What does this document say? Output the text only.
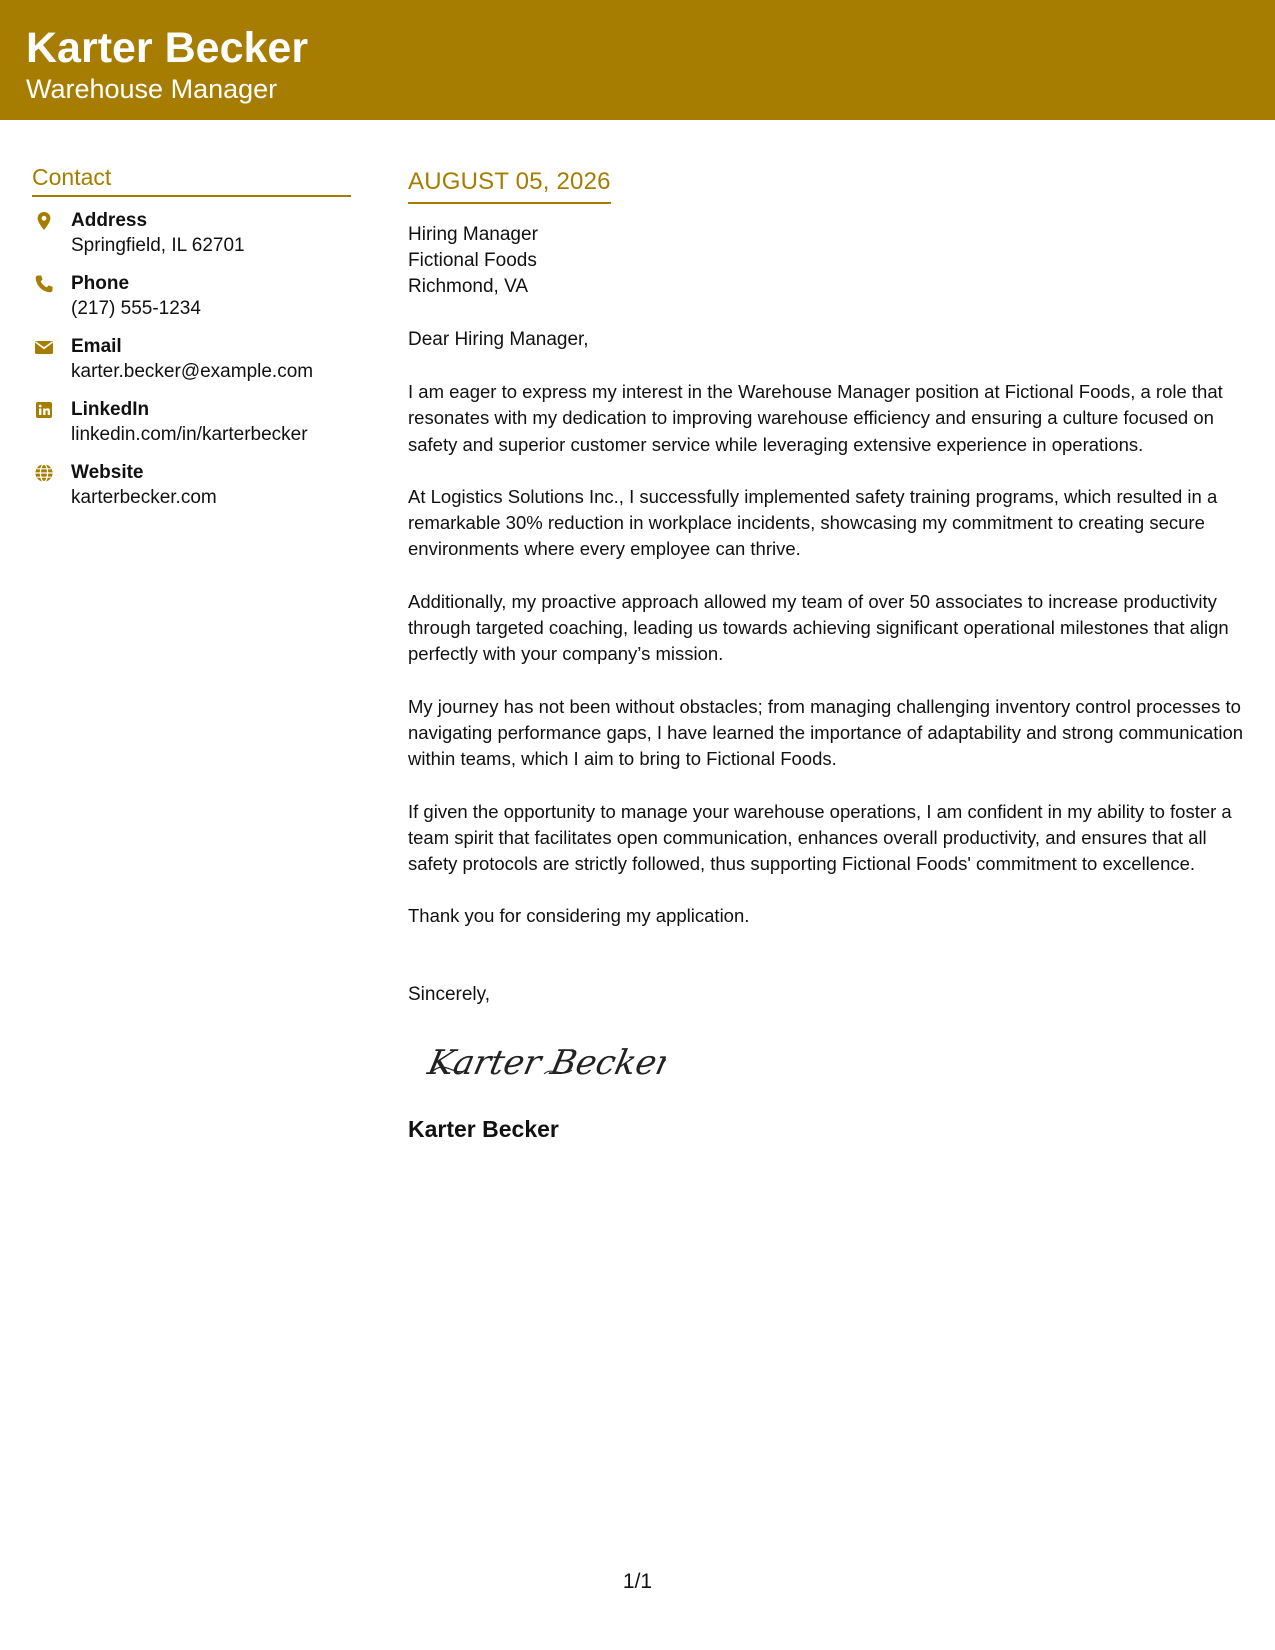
Karter Becker
Warehouse Manager
Contact
Address
Springfield, IL 62701
Phone
(217) 555-1234
Email
karter.becker@example.com
LinkedIn
linkedin.com/in/karterbecker
Website
karterbecker.com
AUGUST 05, 2026
Hiring Manager
Fictional Foods
Richmond, VA
Dear Hiring Manager,
I am eager to express my interest in the Warehouse Manager position at Fictional Foods, a role that resonates with my dedication to improving warehouse efficiency and ensuring a culture focused on safety and superior customer service while leveraging extensive experience in operations.
At Logistics Solutions Inc., I successfully implemented safety training programs, which resulted in a remarkable 30% reduction in workplace incidents, showcasing my commitment to creating secure environments where every employee can thrive.
Additionally, my proactive approach allowed my team of over 50 associates to increase productivity through targeted coaching, leading us towards achieving significant operational milestones that align perfectly with your company’s mission.
My journey has not been without obstacles; from managing challenging inventory control processes to navigating performance gaps, I have learned the importance of adaptability and strong communication within teams, which I aim to bring to Fictional Foods.
If given the opportunity to manage your warehouse operations, I am confident in my ability to foster a team spirit that facilitates open communication, enhances overall productivity, and ensures that all safety protocols are strictly followed, thus supporting Fictional Foods' commitment to excellence.
Thank you for considering my application.
Sincerely,
Karter Becker
Karter Becker
1/1
